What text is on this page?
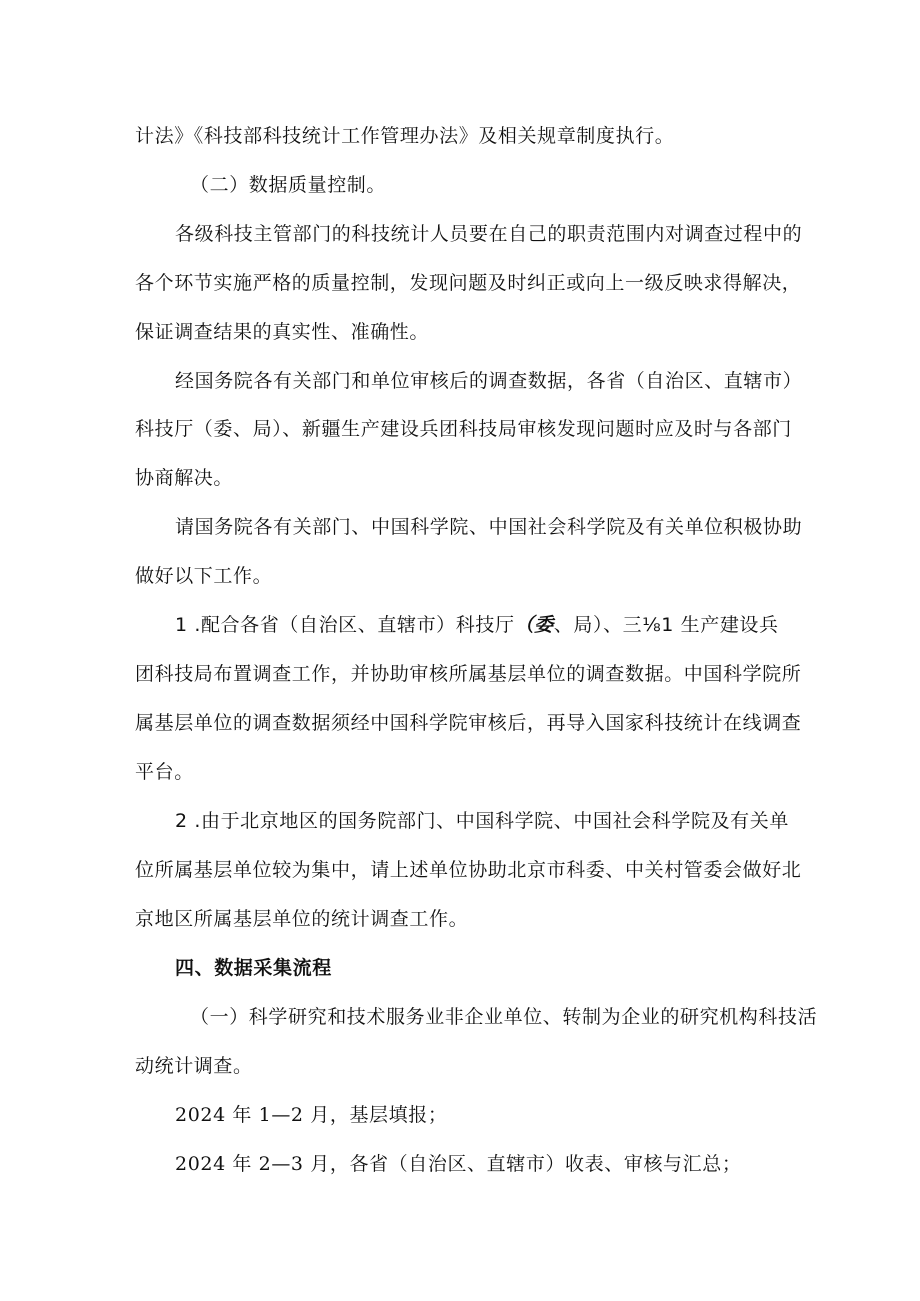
计法》《科技部科技统计工作管理办法》及相关规章制度执行。
（二）数据质量控制。
各级科技主管部门的科技统计人员要在自己的职责范围内对调查过程中的
各个环节实施严格的质量控制，发现问题及时纠正或向上一级反映求得解决，
保证调查结果的真实性、准确性。
经国务院各有关部门和单位审核后的调查数据，各省（自治区、直辖市）
科技厅（委、局）、新疆生产建设兵团科技局审核发现问题时应及时与各部门
协商解决。
请国务院各有关部门、中国科学院、中国社会科学院及有关单位积极协助
做好以下工作。
1 .配合各省（自治区、直辖市）科技厅（委、局）、三⅛1 生产建设兵
团科技局布置调查工作，并协助审核所属基层单位的调查数据。中国科学院所
属基层单位的调查数据须经中国科学院审核后，再导入国家科技统计在线调查
平台。
2 .由于北京地区的国务院部门、中国科学院、中国社会科学院及有关单
位所属基层单位较为集中，请上述单位协助北京市科委、中关村管委会做好北
京地区所属基层单位的统计调查工作。
四、数据采集流程
（一）科学研究和技术服务业非企业单位、转制为企业的研究机构科技活
动统计调查。
2024 年 1—2 月，基层填报；
2024 年 2—3 月，各省（自治区、直辖市）收表、审核与汇总；
